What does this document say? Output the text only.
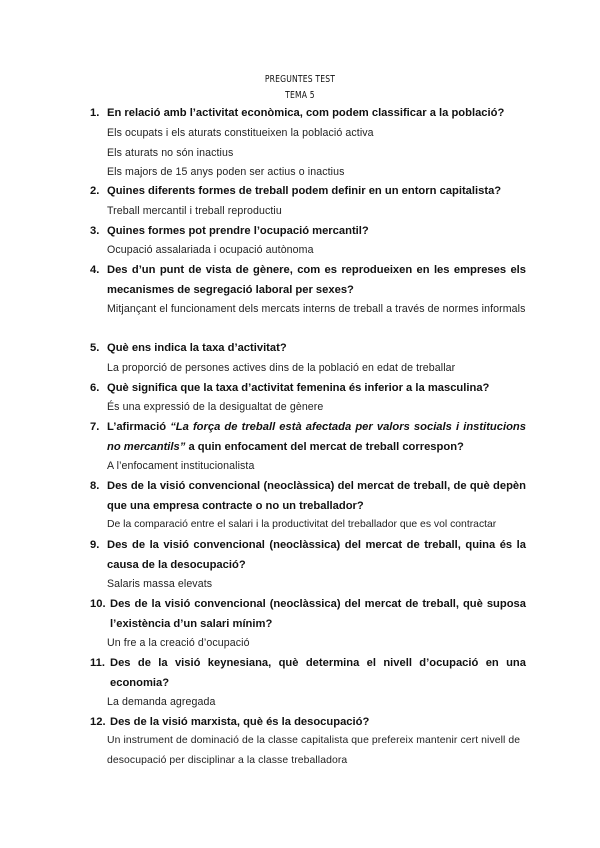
PREGUNTES TEST
TEMA 5
1. En relació amb l’activitat econòmica, com podem classificar a la població?
Els ocupats i els aturats constitueixen la població activa
Els aturats no són inactius
Els majors de 15 anys poden ser actius o inactius
2. Quines diferents formes de treball podem definir en un entorn capitalista?
Treball mercantil i treball reproductiu
3. Quines formes pot prendre l’ocupació mercantil?
Ocupació assalariada i ocupació autònoma
4. Des d’un punt de vista de gènere, com es reprodueixen en les empreses els mecanismes de segregació laboral per sexes?
Mitjançant el funcionament dels mercats interns de treball a través de normes informals
5. Què ens indica la taxa d’activitat?
La proporció de persones actives dins de la població en edat de treballar
6. Què significa que la taxa d’activitat femenina és inferior a la masculina?
És una expressió de la desigualtat de gènere
7. L’afirmació “La força de treball està afectada per valors socials i institucions no mercantils” a quin enfocament del mercat de treball correspon?
A l’enfocament institucionalista
8. Des de la visió convencional (neoclàssica) del mercat de treball, de què depèn que una empresa contracte o no un treballador?
De la comparació entre el salari i la productivitat del treballador que es vol contractar
9. Des de la visió convencional (neoclàssica) del mercat de treball, quina és la causa de la desocupació?
Salaris massa elevats
10. Des de la visió convencional (neoclàssica) del mercat de treball, què suposa l’existència d’un salari mínim?
Un fre a la creació d’ocupació
11. Des de la visió keynesiana, què determina el nivell d’ocupació en una economia?
La demanda agregada
12. Des de la visió marxista, què és la desocupació?
Un instrument de dominació de la classe capitalista que prefereix mantenir cert nivell de desocupació per disciplinar a la classe treballadora
